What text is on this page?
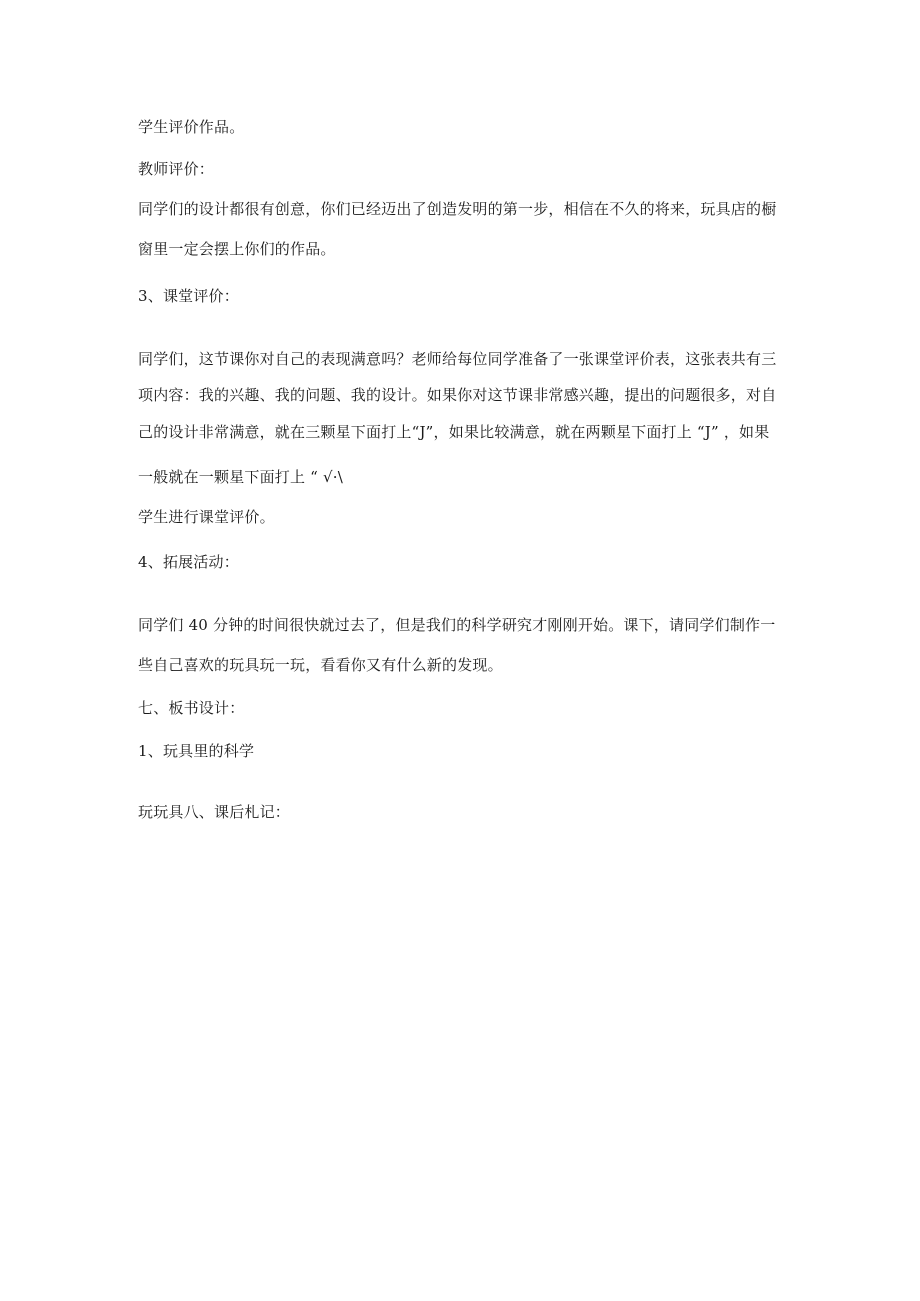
学生评价作品。
教师评价：
同学们的设计都很有创意，你们已经迈出了创造发明的第一步，相信在不久的将来，玩具店的橱
窗里一定会摆上你们的作品。
3、课堂评价：
同学们，这节课你对自己的表现满意吗？老师给每位同学准备了一张课堂评价表，这张表共有三
项内容：我的兴趣、我的问题、我的设计。如果你对这节课非常感兴趣，提出的问题很多，对自
己的设计非常满意，就在三颗星下面打上“J”，如果比较满意，就在两颗星下面打上 “J” ，如果
一般就在一颗星下面打上 “ √·\
学生进行课堂评价。
4、拓展活动：
同学们 40 分钟的时间很快就过去了，但是我们的科学研究才刚刚开始。课下，请同学们制作一
些自己喜欢的玩具玩一玩，看看你又有什么新的发现。
七、板书设计：
1、玩具里的科学
玩玩具八、课后札记：
